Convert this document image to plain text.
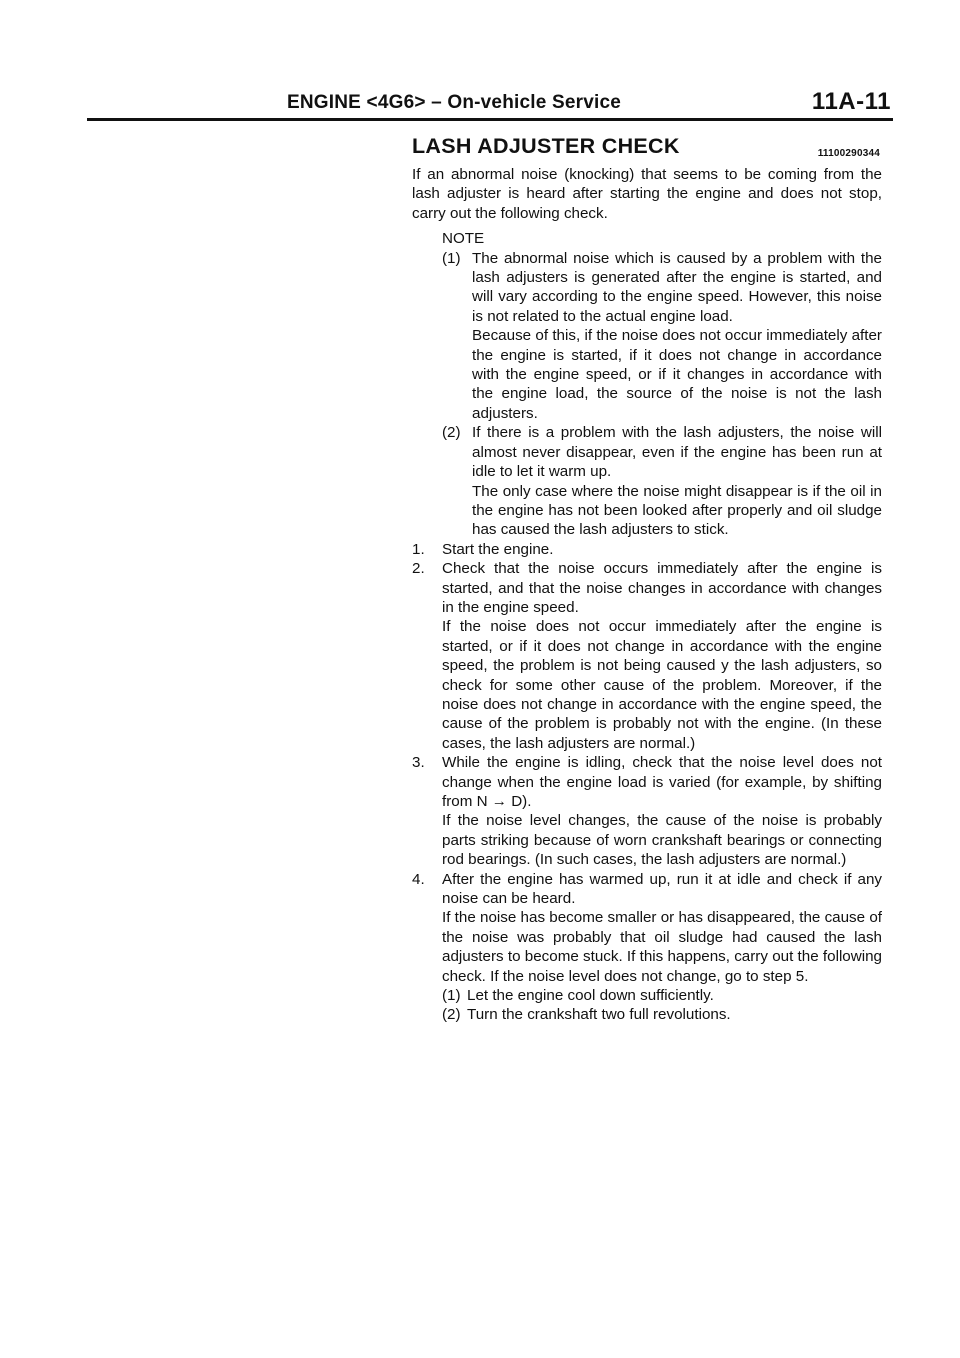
ENGINE <4G6> – On-vehicle Service	11A-11
LASH ADJUSTER CHECK	11100290344

If an abnormal noise (knocking) that seems to be coming from the lash adjuster is heard after starting the engine and does not stop, carry out the following check.

NOTE
(1) The abnormal noise which is caused by a problem with the lash adjusters is generated after the engine is started, and will vary according to the engine speed. However, this noise is not related to the actual engine load.

Because of this, if the noise does not occur immediately after the engine is started, if it does not change in accordance with the engine speed, or if it changes in accordance with the engine load, the source of the noise is not the lash adjusters.

(2) If there is a problem with the lash adjusters, the noise will almost never disappear, even if the engine has been run at idle to let it warm up.

The only case where the noise might disappear is if the oil in the engine has not been looked after properly and oil sludge has caused the lash adjusters to stick.

1.	Start the engine.

2.	Check that the noise occurs immediately after the engine is started, and that the noise changes in accordance with changes in the engine speed.

If the noise does not occur immediately after the engine is started, or if it does not change in accordance with the engine speed, the problem is not being caused y the lash adjusters, so check for some other cause of the problem. Moreover, if the noise does not change in accordance with the engine speed, the cause of the problem is probably not with the engine. (In these cases, the lash adjusters are normal.)

3.	While the engine is idling, check that the noise level does not change when the engine load is varied (for example, by shifting from N → D).

If the noise level changes, the cause of the noise is probably parts striking because of worn crankshaft bearings or connecting rod bearings. (In such cases, the lash adjusters are normal.)

4.	After the engine has warmed up, run it at idle and check if any noise can be heard.

If the noise has become smaller or has disappeared, the cause of the noise was probably that oil sludge had caused the lash adjusters to become stuck. If this happens, carry out the following check. If the noise level does not change, go to step 5.

(1) Let the engine cool down sufficiently.
(2) Turn the crankshaft two full revolutions.
